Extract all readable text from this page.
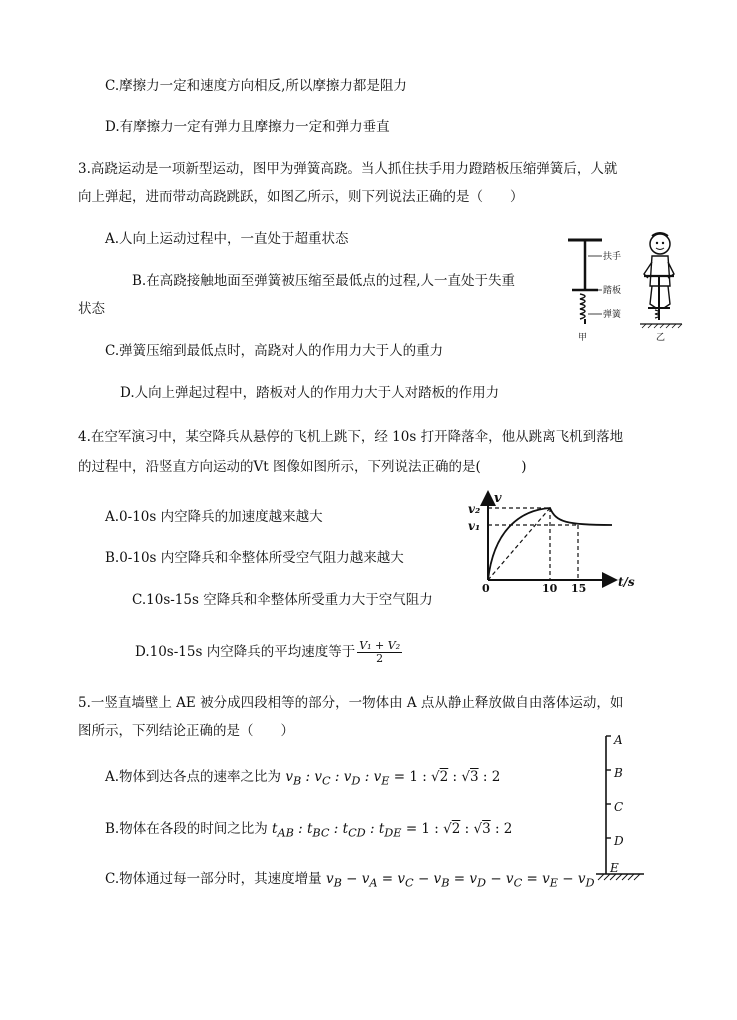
C.摩擦力一定和速度方向相反,所以摩擦力都是阻力
D.有摩擦力一定有弹力且摩擦力一定和弹力垂直
3.高跷运动是一项新型运动，图甲为弹簧高跷。当人抓住扶手用力蹬踏板压缩弹簧后，人就
向上弹起，进而带动高跷跳跃，如图乙所示，则下列说法正确的是（　　）
A.人向上运动过程中，一直处于超重状态
B.在高跷接触地面至弹簧被压缩至最低点的过程,人一直处于失重
状态
C.弹簧压缩到最低点时，高跷对人的作用力大于人的重力
D.人向上弹起过程中，踏板对人的作用力大于人对踏板的作用力
扶手
踏板
弹簧
甲	乙
4.在空军演习中，某空降兵从悬停的飞机上跳下，经 10s 打开降落伞，他从跳离飞机到落地
的过程中，沿竖直方向运动的Vt 图像如图所示，下列说法正确的是(　　　)
A.0-10s 内空降兵的加速度越来越大
B.0-10s 内空降兵和伞整体所受空气阻力越来越大
C.10s-15s 空降兵和伞整体所受重力大于空气阻力
D.10s-15s 内空降兵的平均速度等于 $\frac{\text{V₁ + V₂}}{2}$
v
v₂
v₁
0	10 15	t/s
5.一竖直墙壁上 AE 被分成四段相等的部分，一物体由 A 点从静止释放做自由落体运动，如
图所示，下列结论正确的是（　　）
A.物体到达各点的速率之比为 $v_B$ : $v_C$ : $v_D$ : $v_E = 1$ : √2 : √3 : 2
B.物体在各段的时间之比为 $t_{AB}$ : $t_{BC}$ : $t_{CD}$ : $t_{DE} = 1$ : √2 : √3 : 2
C.物体通过每一部分时，其速度增量 $v_B - v_A = v_C - v_B = v_D - v_C = v_E - v_D$
A
B
C
D
E
